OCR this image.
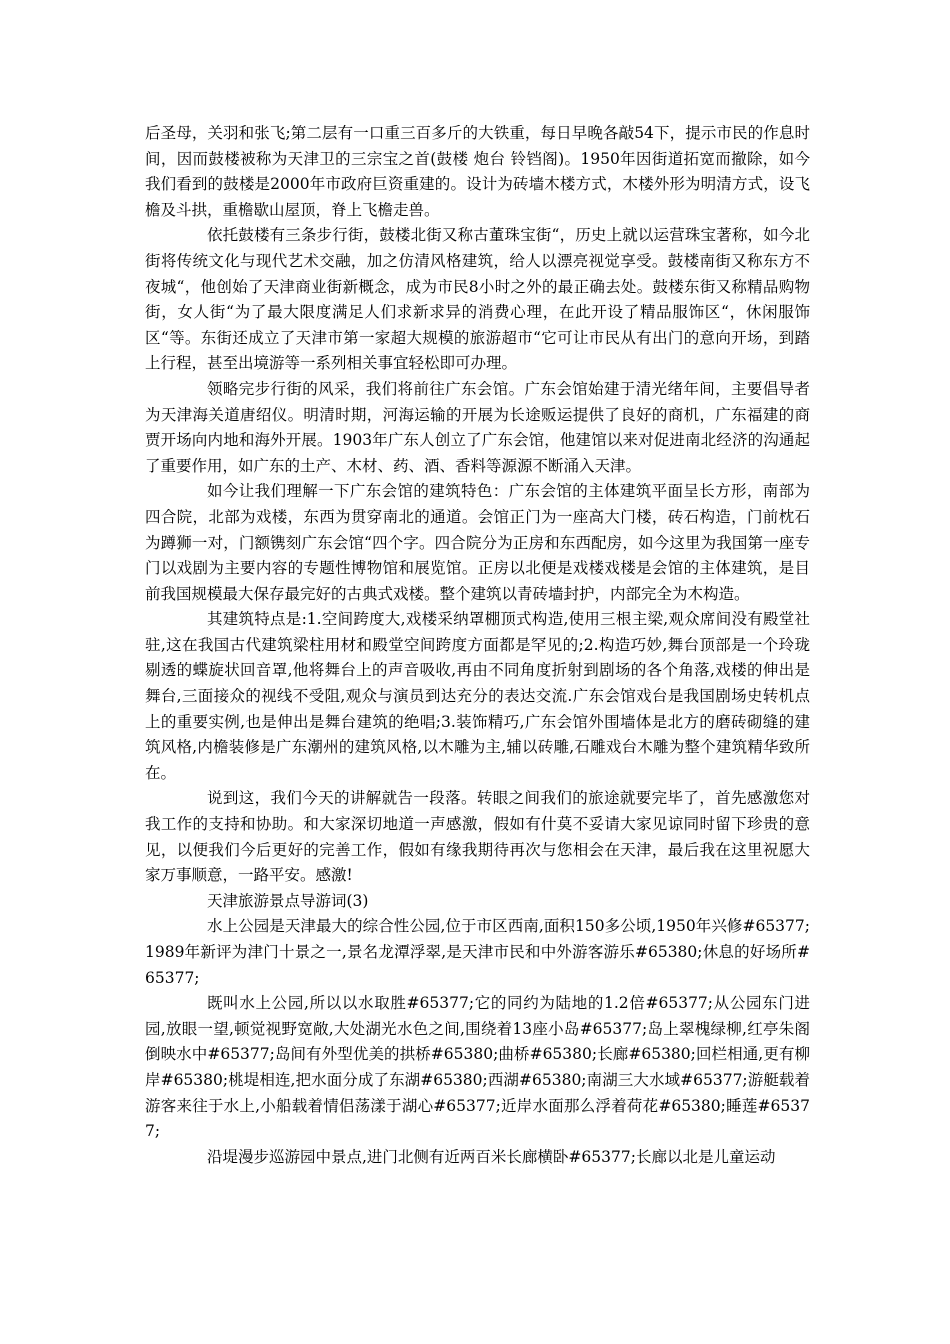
后圣母，关羽和张飞;第二层有一口重三百多斤的大铁重，每日早晚各敲54下，提示市民的作息时间，因而鼓楼被称为天津卫的三宗宝之首(鼓楼 炮台 铃铛阁)。1950年因街道拓宽而撤除，如今我们看到的鼓楼是2000年市政府巨资重建的。设计为砖墙木楼方式，木楼外形为明清方式，设飞檐及斗拱，重檐歇山屋顶，脊上飞檐走兽。

依托鼓楼有三条步行街，鼓楼北街又称古董珠宝街“，历史上就以运营珠宝著称，如今北街将传统文化与现代艺术交融，加之仿清风格建筑，给人以漂亮视觉享受。鼓楼南街又称东方不夜城“，他创始了天津商业街新概念，成为市民8小时之外的最正确去处。鼓楼东街又称精品购物街，女人街“为了最大限度满足人们求新求异的消费心理，在此开设了精品服饰区“，休闲服饰区“等。东街还成立了天津市第一家超大规模的旅游超市“它可让市民从有出门的意向开场，到踏上行程，甚至出境游等一系列相关事宜轻松即可办理。

领略完步行街的风采，我们将前往广东会馆。广东会馆始建于清光绪年间，主要倡导者为天津海关道唐绍仪。明清时期，河海运输的开展为长途贩运提供了良好的商机，广东福建的商贾开场向内地和海外开展。1903年广东人创立了广东会馆，他建馆以来对促进南北经济的沟通起了重要作用，如广东的土产、木材、药、酒、香料等源源不断涌入天津。

如今让我们理解一下广东会馆的建筑特色：广东会馆的主体建筑平面呈长方形，南部为四合院，北部为戏楼，东西为贯穿南北的通道。会馆正门为一座高大门楼，砖石构造，门前枕石为蹲狮一对，门额镌刻广东会馆“四个字。四合院分为正房和东西配房，如今这里为我国第一座专门以戏剧为主要内容的专题性博物馆和展览馆。正房以北便是戏楼戏楼是会馆的主体建筑，是目前我国规模最大保存最完好的古典式戏楼。整个建筑以青砖墙封护，内部完全为木构造。

其建筑特点是:1.空间跨度大,戏楼采纳罩棚顶式构造,使用三根主梁,观众席间没有殿堂社驻,这在我国古代建筑梁柱用材和殿堂空间跨度方面都是罕见的;2.构造巧妙,舞台顶部是一个玲珑剔透的蝶旋状回音罩,他将舞台上的声音吸收,再由不同角度折射到剧场的各个角落,戏楼的伸出是舞台,三面接众的视线不受阻,观众与演员到达充分的表达交流.广东会馆戏台是我国剧场史转机点上的重要实例,也是伸出是舞台建筑的绝唱;3.装饰精巧,广东会馆外围墙体是北方的磨砖砌缝的建筑风格,内檐装修是广东潮州的建筑风格,以木雕为主,辅以砖雕,石雕戏台木雕为整个建筑精华致所在。

说到这，我们今天的讲解就告一段落。转眼之间我们的旅途就要完毕了，首先感激您对我工作的支持和协助。和大家深切地道一声感激，假如有什莫不妥请大家见谅同时留下珍贵的意见，以便我们今后更好的完善工作，假如有缘我期待再次与您相会在天津，最后我在这里祝愿大家万事顺意，一路平安。感激!

天津旅游景点导游词(3)

水上公园是天津最大的综合性公园,位于市区西南,面积150多公顷,1950年兴修#65377;1989年新评为津门十景之一,景名龙潭浮翠,是天津市民和中外游客游乐#65380;休息的好场所#65377;

既叫水上公园,所以以水取胜#65377;它的同约为陆地的1.2倍#65377;从公园东门进园,放眼一望,顿觉视野宽敞,大处湖光水色之间,围绕着13座小岛#65377;岛上翠槐绿柳,红亭朱阁倒映水中#65377;岛间有外型优美的拱桥#65380;曲桥#65380;长廊#65380;回栏相通,更有柳岸#65380;桃堤相连,把水面分成了东湖#65380;西湖#65380;南湖三大水域#65377;游艇载着游客来往于水上,小船载着情侣荡漾于湖心#65377;近岸水面那么浮着荷花#65380;睡莲#65377;

沿堤漫步巡游园中景点,进门北侧有近两百米长廊横卧#65377;长廊以北是儿童运动
